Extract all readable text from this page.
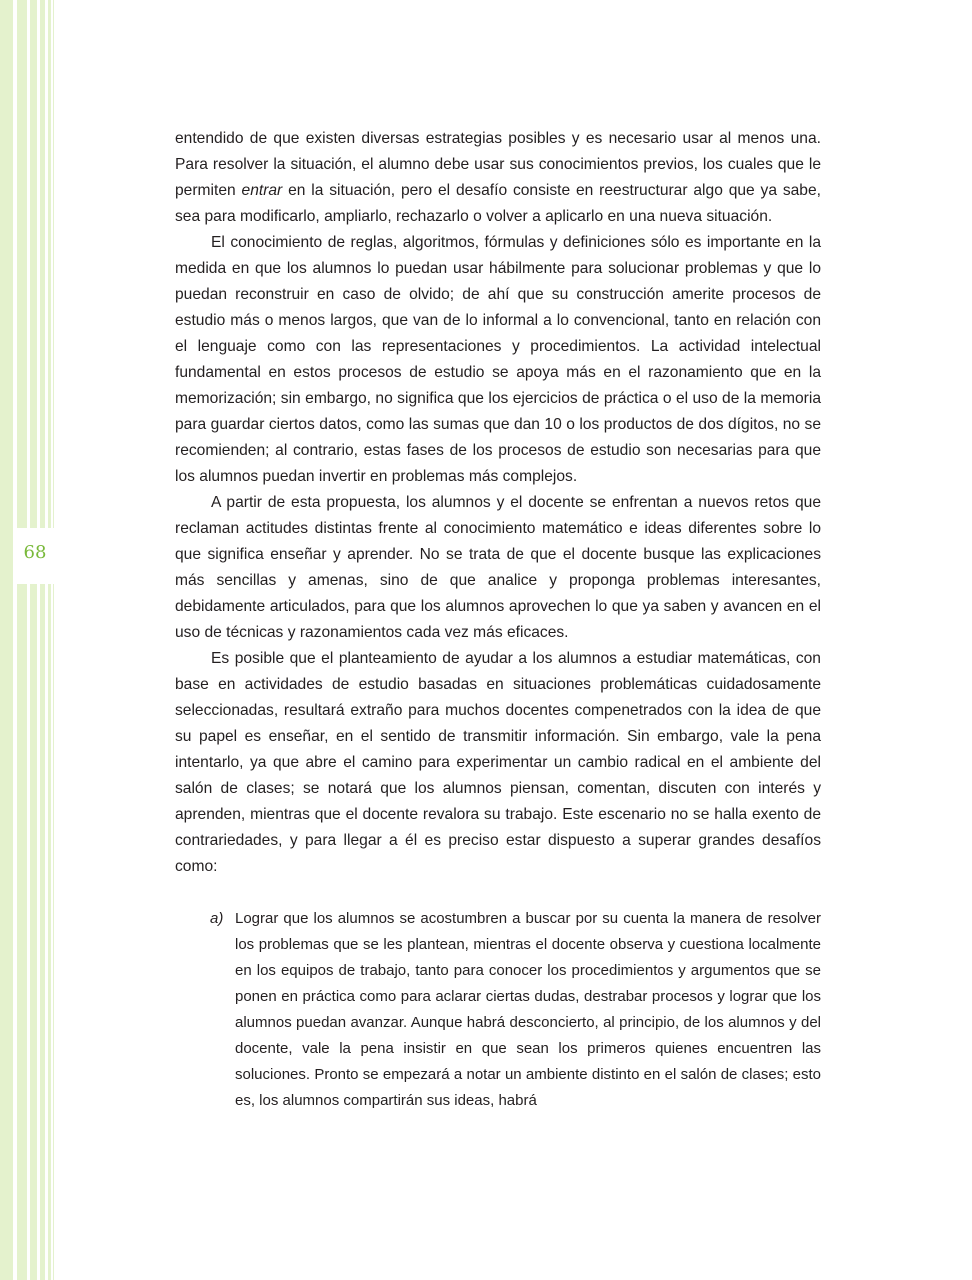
68

entendido de que existen diversas estrategias posibles y es necesario usar al menos una. Para resolver la situación, el alumno debe usar sus conocimientos previos, los cuales que le permiten entrar en la situación, pero el desafío consiste en reestructurar algo que ya sabe, sea para modificarlo, ampliarlo, rechazarlo o volver a aplicarlo en una nueva situación.

El conocimiento de reglas, algoritmos, fórmulas y definiciones sólo es importante en la medida en que los alumnos lo puedan usar hábilmente para solucionar problemas y que lo puedan reconstruir en caso de olvido; de ahí que su construcción amerite procesos de estudio más o menos largos, que van de lo informal a lo convencional, tanto en relación con el lenguaje como con las representaciones y procedimientos. La actividad intelectual fundamental en estos procesos de estudio se apoya más en el razonamiento que en la memorización; sin embargo, no significa que los ejercicios de práctica o el uso de la memoria para guardar ciertos datos, como las sumas que dan 10 o los productos de dos dígitos, no se recomienden; al contrario, estas fases de los procesos de estudio son necesarias para que los alumnos puedan invertir en problemas más complejos.

A partir de esta propuesta, los alumnos y el docente se enfrentan a nuevos retos que reclaman actitudes distintas frente al conocimiento matemático e ideas diferentes sobre lo que significa enseñar y aprender. No se trata de que el docente busque las explicaciones más sencillas y amenas, sino de que analice y proponga problemas interesantes, debidamente articulados, para que los alumnos aprovechen lo que ya saben y avancen en el uso de técnicas y razonamientos cada vez más eficaces.

Es posible que el planteamiento de ayudar a los alumnos a estudiar matemáticas, con base en actividades de estudio basadas en situaciones problemáticas cuidadosamente seleccionadas, resultará extraño para muchos docentes compenetrados con la idea de que su papel es enseñar, en el sentido de transmitir información. Sin embargo, vale la pena intentarlo, ya que abre el camino para experimentar un cambio radical en el ambiente del salón de clases; se notará que los alumnos piensan, comentan, discuten con interés y aprenden, mientras que el docente revalora su trabajo. Este escenario no se halla exento de contrariedades, y para llegar a él es preciso estar dispuesto a superar grandes desafíos como:

a) Lograr que los alumnos se acostumbren a buscar por su cuenta la manera de resolver los problemas que se les plantean, mientras el docente observa y cuestiona localmente en los equipos de trabajo, tanto para conocer los procedimientos y argumentos que se ponen en práctica como para aclarar ciertas dudas, destrabar procesos y lograr que los alumnos puedan avanzar. Aunque habrá desconcierto, al principio, de los alumnos y del docente, vale la pena insistir en que sean los primeros quienes encuentren las soluciones. Pronto se empezará a notar un ambiente distinto en el salón de clases; esto es, los alumnos compartirán sus ideas, habrá
